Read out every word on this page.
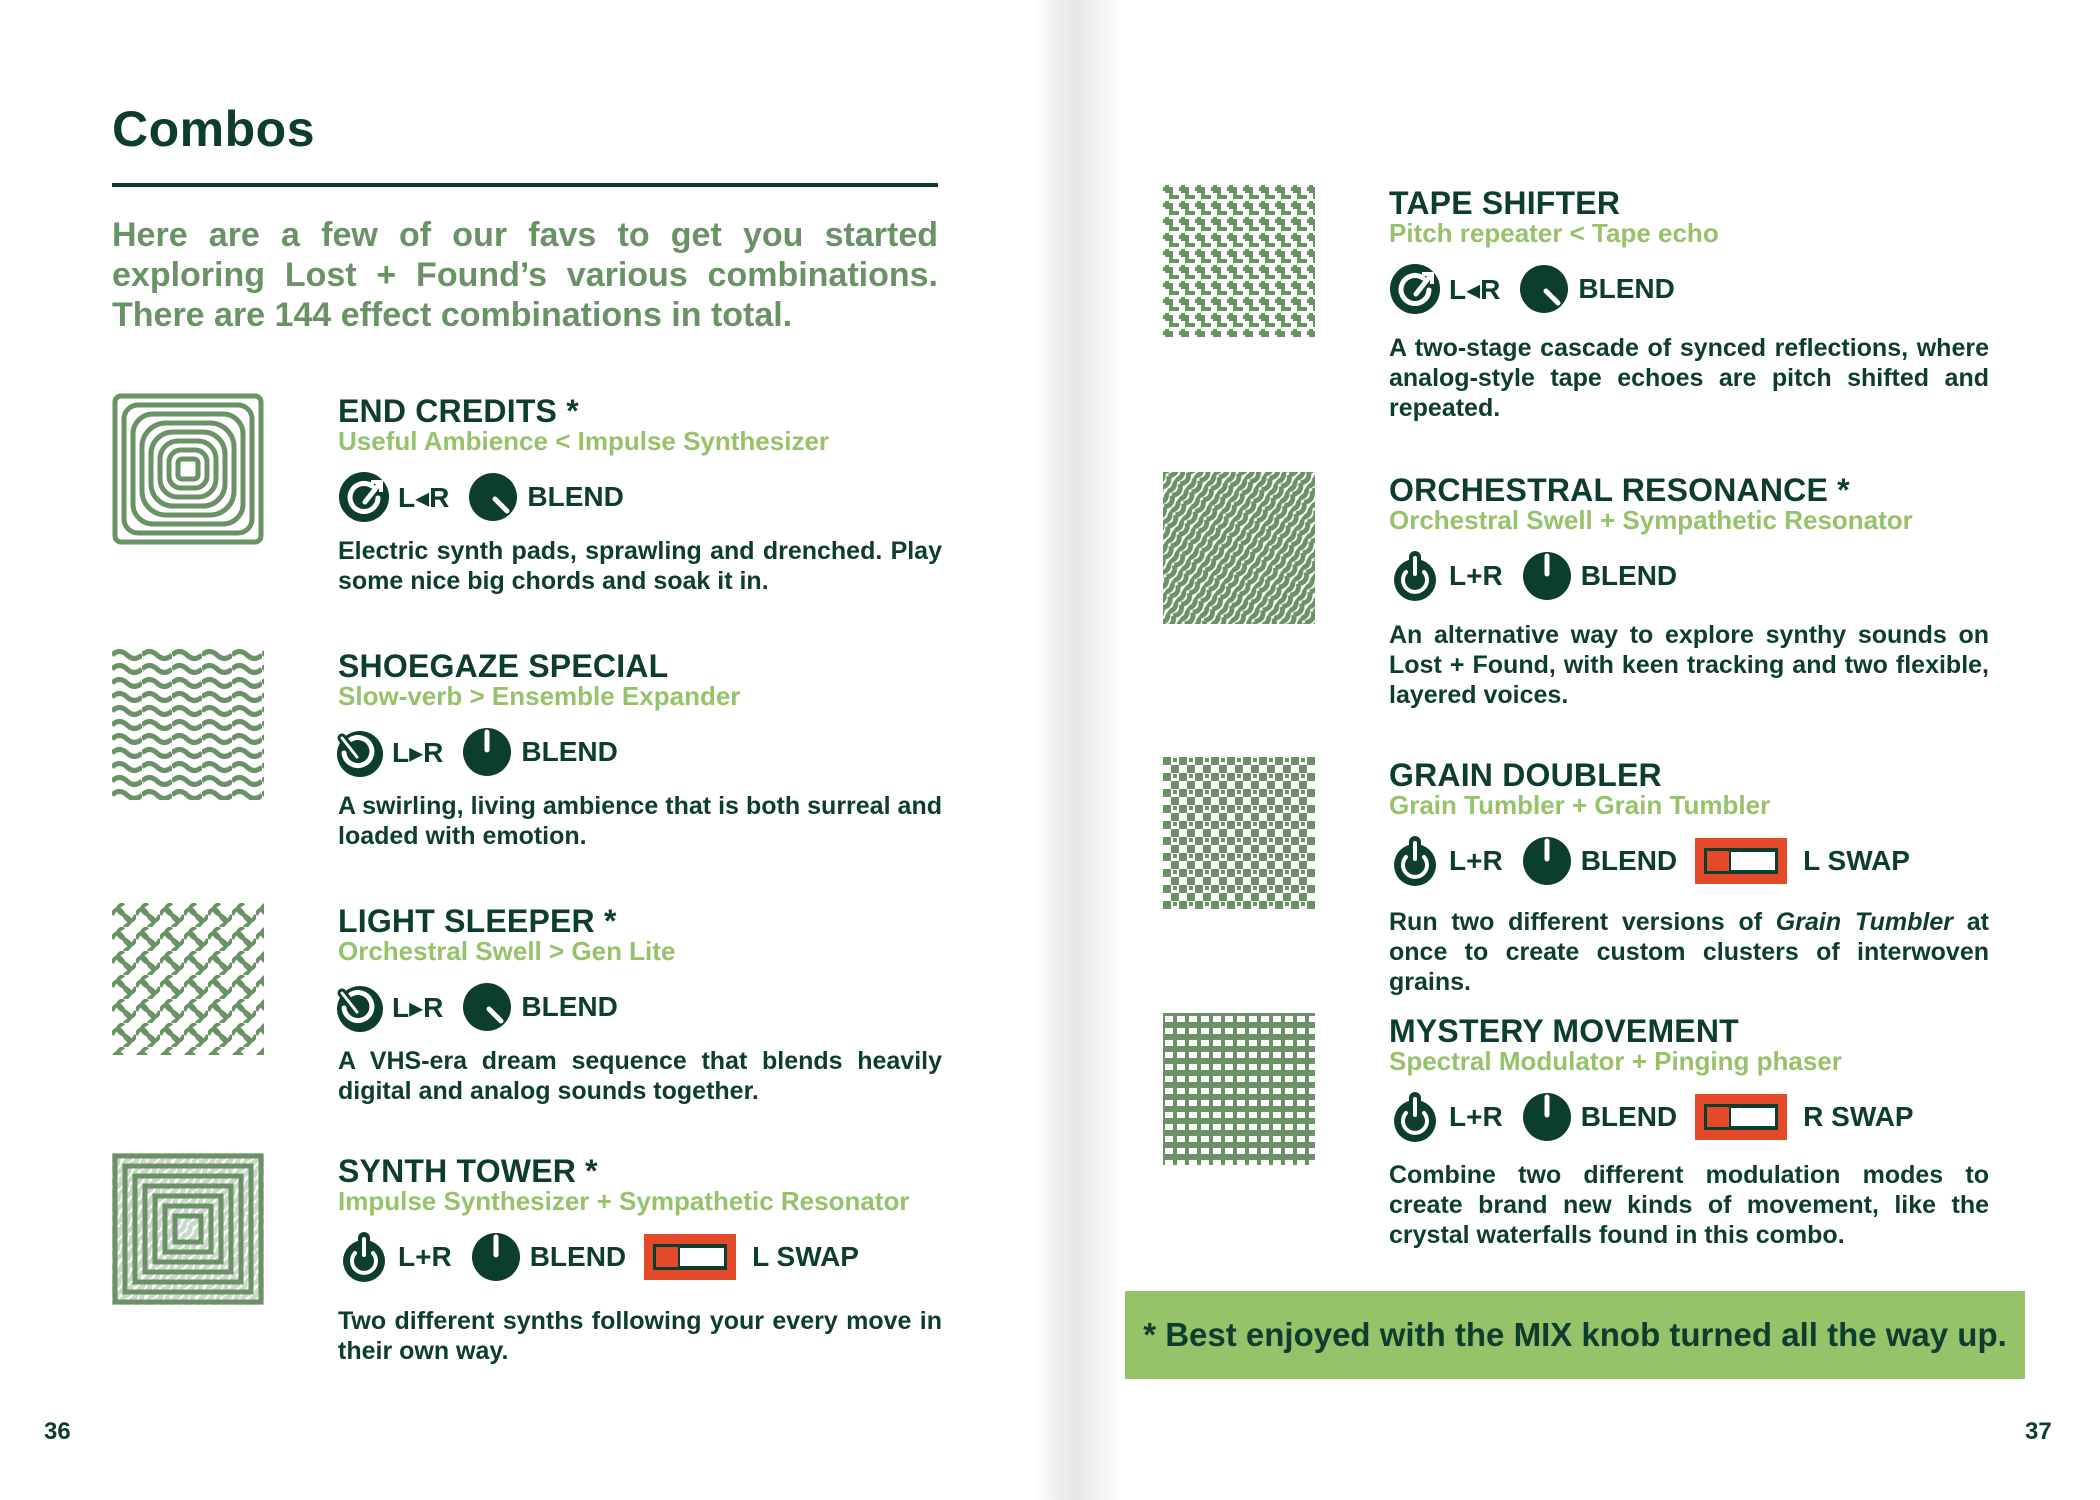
Combos
Here are a few of our favs to get you started exploring Lost + Found’s various combinations. There are 144 effect combinations in total.
END CREDITS *
Useful Ambience < Impulse Synthesizer
L◂R	BLEND
Electric synth pads, sprawling and drenched. Play some nice big chords and soak it in.
SHOEGAZE SPECIAL
Slow-verb > Ensemble Expander
L▸R	BLEND
A swirling, living ambience that is both surreal and loaded with emotion.
LIGHT SLEEPER *
Orchestral Swell > Gen Lite
L▸R	BLEND
A VHS-era dream sequence that blends heavily digital and analog sounds together.
SYNTH TOWER *
Impulse Synthesizer + Sympathetic Resonator
L+R	BLEND	L SWAP
Two different synths following your every move in their own way.
36
TAPE SHIFTER
Pitch repeater < Tape echo
L◂R	BLEND
A two-stage cascade of synced reflections, where analog-style tape echoes are pitch shifted and repeated.
ORCHESTRAL RESONANCE *
Orchestral Swell + Sympathetic Resonator
L+R	BLEND
An alternative way to explore synthy sounds on Lost + Found, with keen tracking and two flexible, layered voices.
GRAIN DOUBLER
Grain Tumbler + Grain Tumbler
L+R	BLEND	L SWAP
Run two different versions of Grain Tumbler at once to create custom clusters of interwoven grains.
MYSTERY MOVEMENT
Spectral Modulator + Pinging phaser
L+R	BLEND	R SWAP
Combine two different modulation modes to create brand new kinds of movement, like the crystal waterfalls found in this combo.
37
* Best enjoyed with the MIX knob turned all the way up.
